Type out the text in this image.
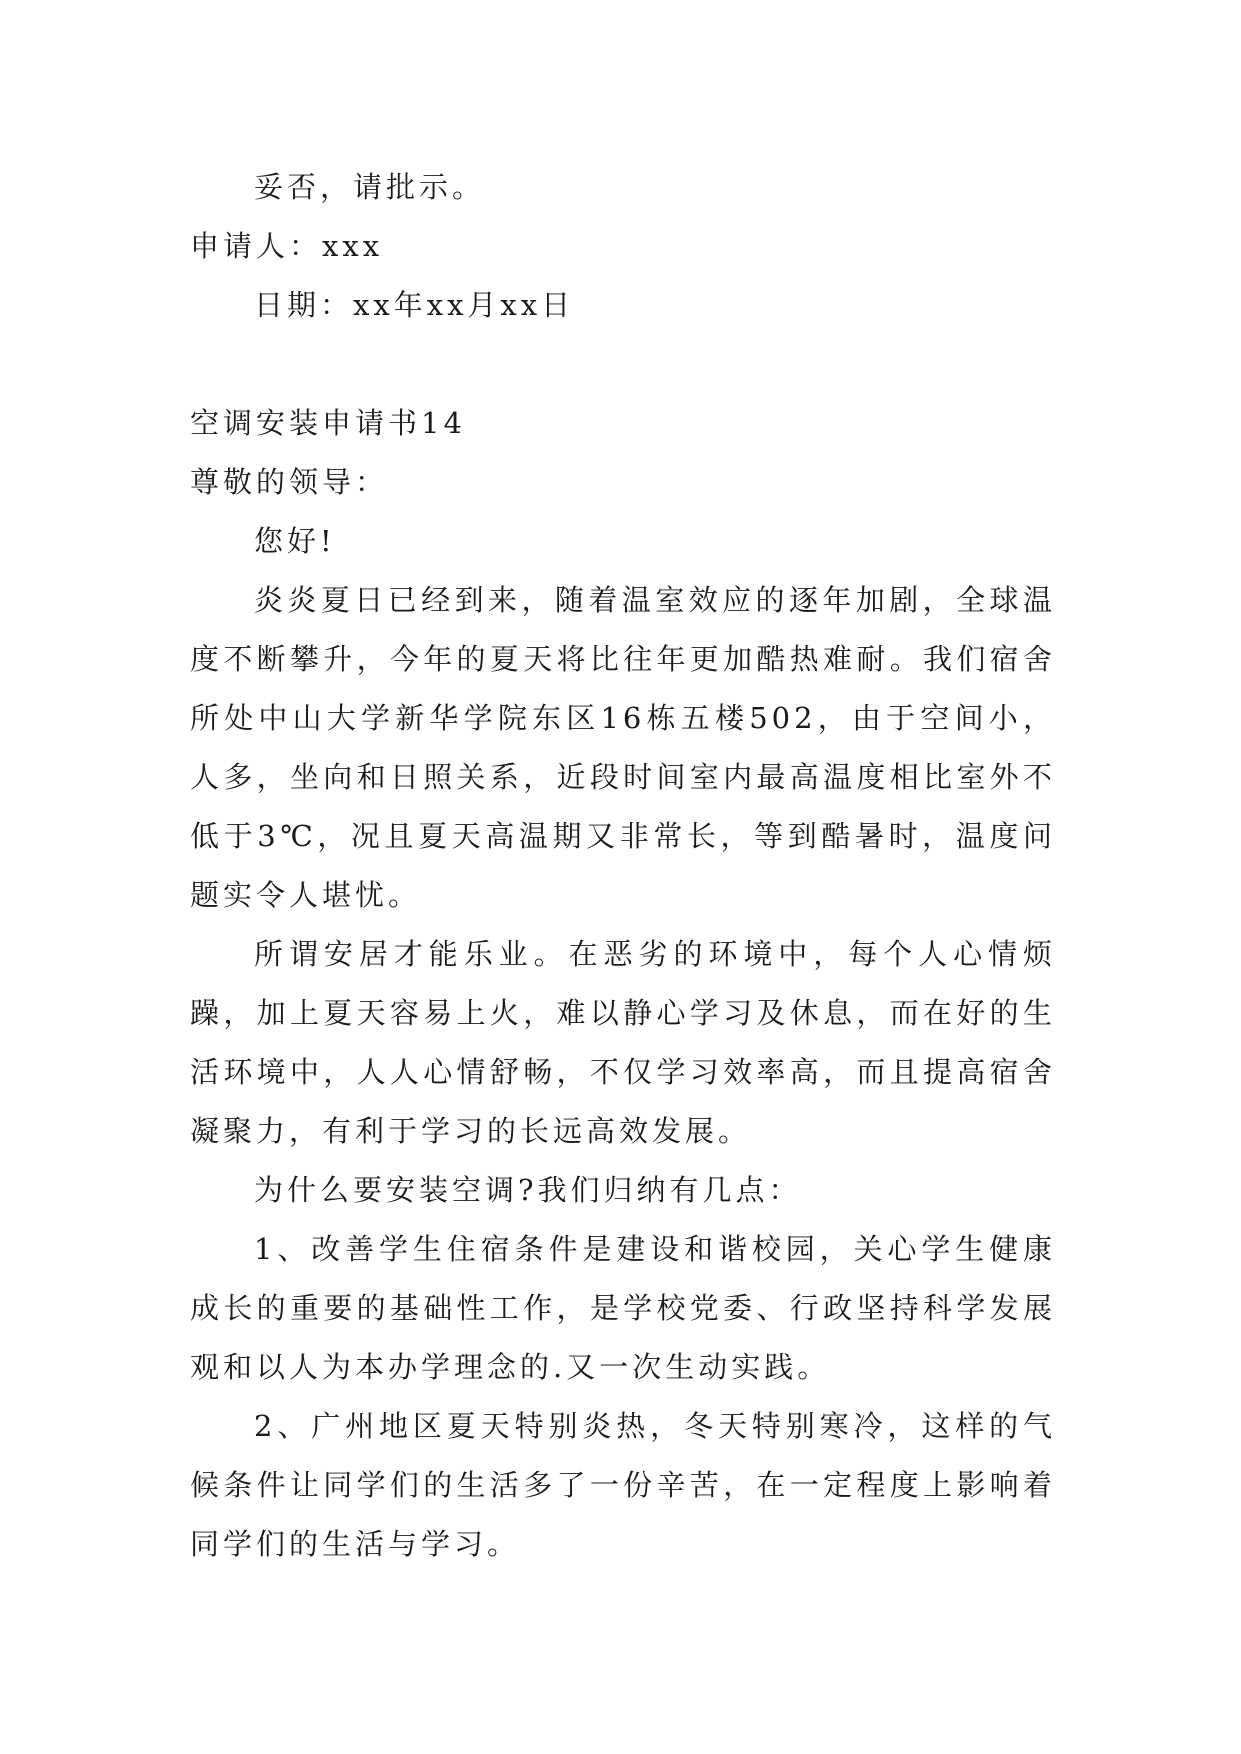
妥否，请批示。

申请人：xxx

日期：xx年xx月xx日

空调安装申请书14

尊敬的领导：

您好!

炎炎夏日已经到来，随着温室效应的逐年加剧，全球温度不断攀升，今年的夏天将比往年更加酷热难耐。我们宿舍所处中山大学新华学院东区16栋五楼502，由于空间小，人多，坐向和日照关系，近段时间室内最高温度相比室外不低于3℃，况且夏天高温期又非常长，等到酷暑时，温度问题实令人堪忧。

所谓安居才能乐业。在恶劣的环境中，每个人心情烦躁，加上夏天容易上火，难以静心学习及休息，而在好的生活环境中，人人心情舒畅，不仅学习效率高，而且提高宿舍凝聚力，有利于学习的长远高效发展。

为什么要安装空调?我们归纳有几点：

1、改善学生住宿条件是建设和谐校园，关心学生健康成长的重要的基础性工作，是学校党委、行政坚持科学发展观和以人为本办学理念的.又一次生动实践。

2、广州地区夏天特别炎热，冬天特别寒冷，这样的气候条件让同学们的生活多了一份辛苦，在一定程度上影响着同学们的生活与学习。
